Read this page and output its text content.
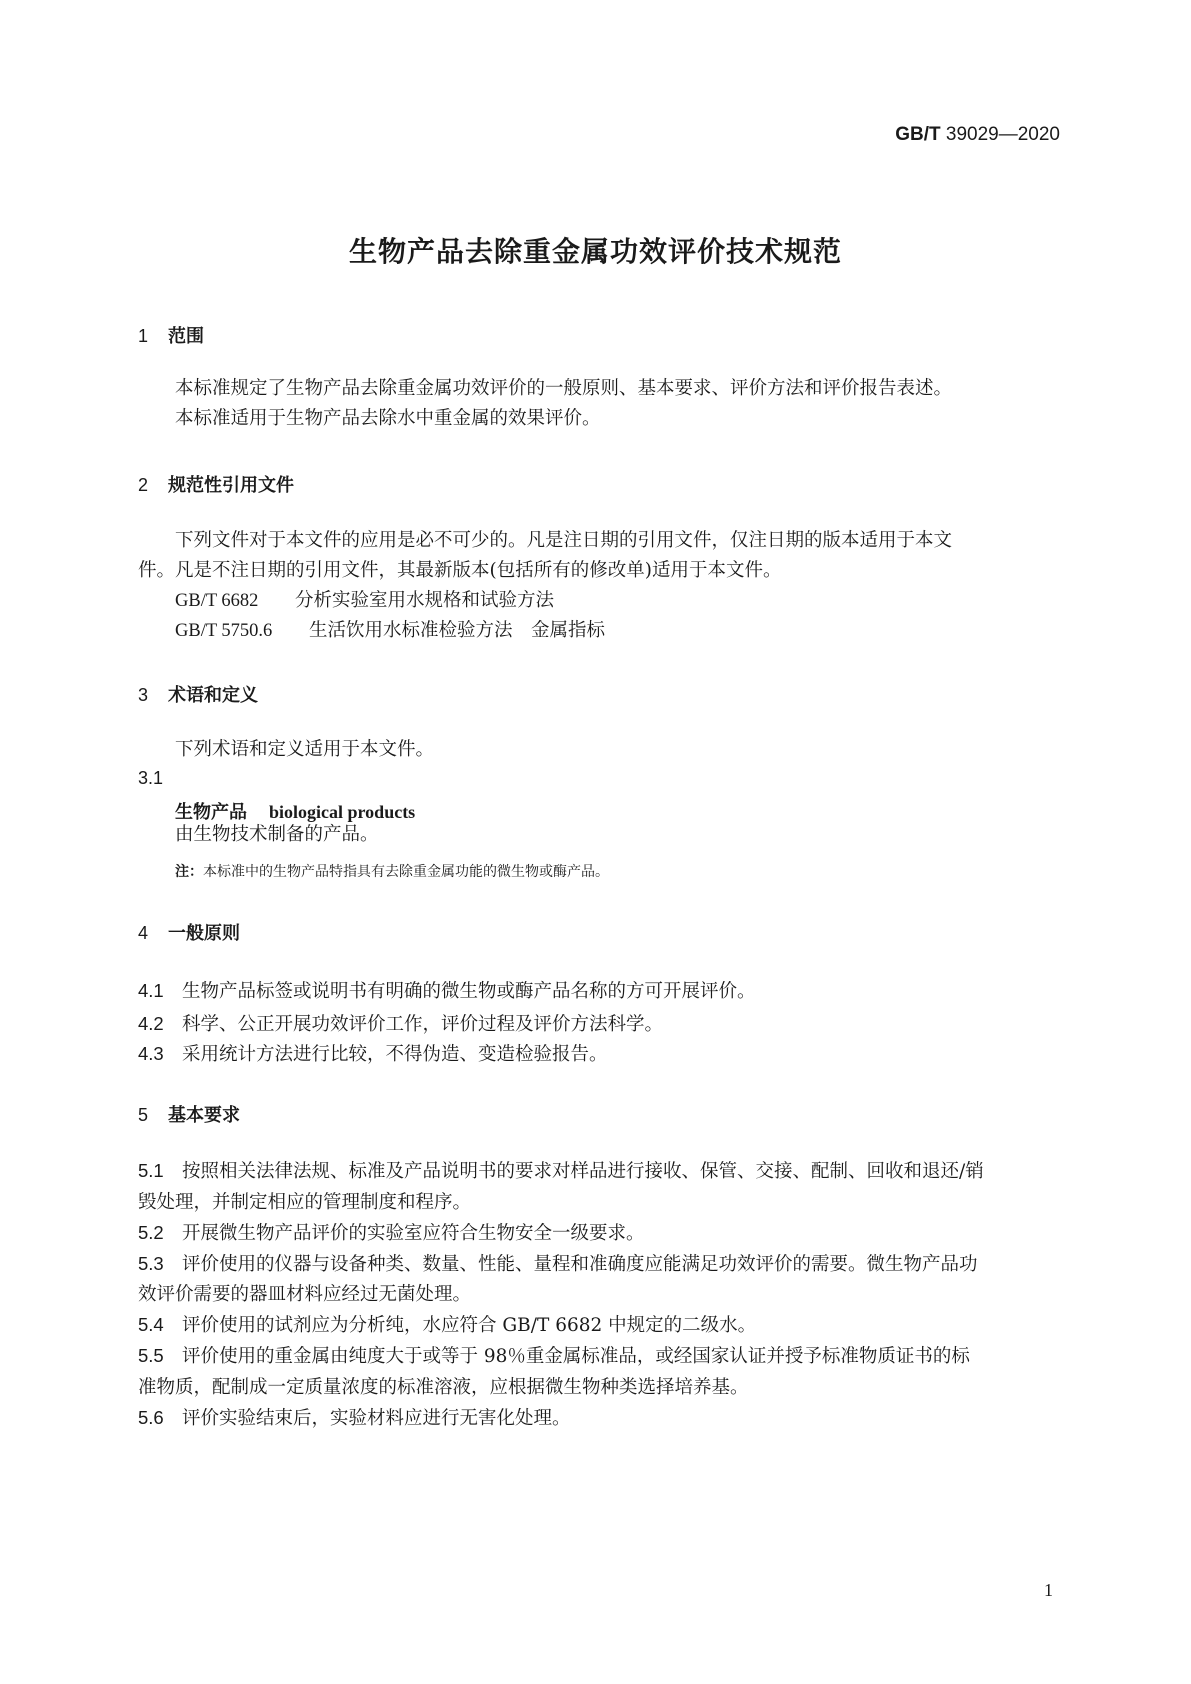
GB/T 39029—2020
生物产品去除重金属功效评价技术规范
1 范围
本标准规定了生物产品去除重金属功效评价的一般原则、基本要求、评价方法和评价报告表述。
本标准适用于生物产品去除水中重金属的效果评价。
2 规范性引用文件
下列文件对于本文件的应用是必不可少的。凡是注日期的引用文件，仅注日期的版本适用于本文
件。凡是不注日期的引用文件，其最新版本(包括所有的修改单)适用于本文件。
GB/T 6682 分析实验室用水规格和试验方法
GB/T 5750.6 生活饮用水标准检验方法　金属指标
3 术语和定义
下列术语和定义适用于本文件。
3.1
生物产品 biological products
由生物技术制备的产品。
注：本标准中的生物产品特指具有去除重金属功能的微生物或酶产品。
4 一般原则
4.1 生物产品标签或说明书有明确的微生物或酶产品名称的方可开展评价。
4.2 科学、公正开展功效评价工作，评价过程及评价方法科学。
4.3 采用统计方法进行比较，不得伪造、变造检验报告。
5 基本要求
5.1 按照相关法律法规、标准及产品说明书的要求对样品进行接收、保管、交接、配制、回收和退还/销
毁处理，并制定相应的管理制度和程序。
5.2 开展微生物产品评价的实验室应符合生物安全一级要求。
5.3 评价使用的仪器与设备种类、数量、性能、量程和准确度应能满足功效评价的需要。微生物产品功
效评价需要的器皿材料应经过无菌处理。
5.4 评价使用的试剂应为分析纯，水应符合 GB/T 6682 中规定的二级水。
5.5 评价使用的重金属由纯度大于或等于 98％重金属标准品，或经国家认证并授予标准物质证书的标
准物质，配制成一定质量浓度的标准溶液，应根据微生物种类选择培养基。
5.6 评价实验结束后，实验材料应进行无害化处理。
1
